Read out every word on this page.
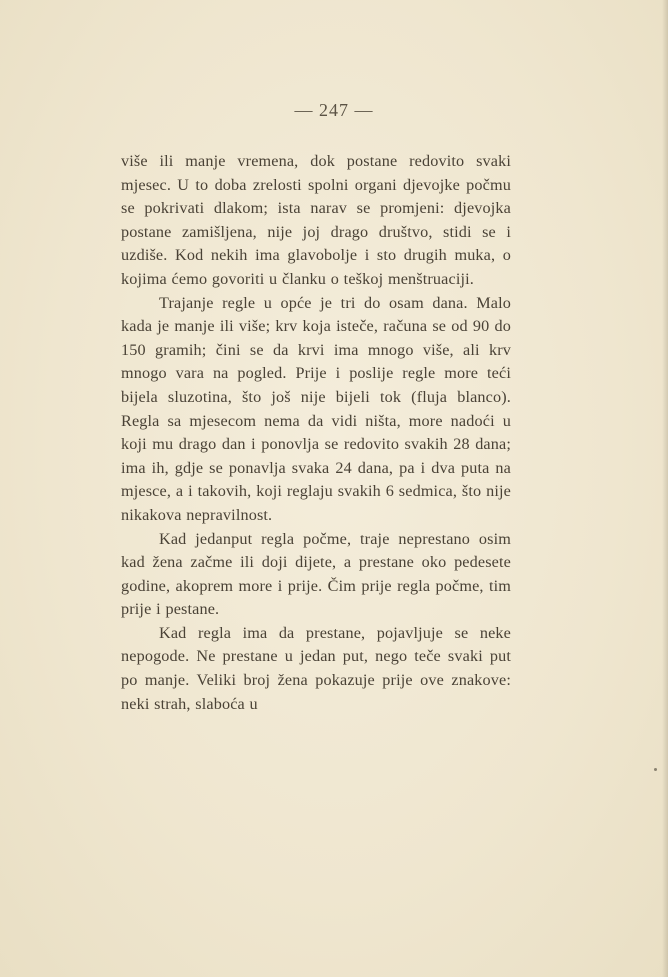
— 247 —

više ili manje vremena, dok postane redovito svaki mjesec. U to doba zrelosti spolni organi djevojke počmu se pokrivati dlakom; ista narav se promjeni: djevojka postane zamišljena, nije joj drago društvo, stidi se i uzdiše. Kod nekih ima glavobolje i sto drugih muka, o kojima ćemo govoriti u članku o teškoj menštruaciji.

Trajanje regle u opće je tri do osam dana. Malo kada je manje ili više; krv koja isteče, računa se od 90 do 150 gramih; čini se da krvi ima mnogo više, ali krv mnogo vara na pogled. Prije i poslije regle more teći bijela sluzotina, što još nije bijeli tok (fluja blanco). Regla sa mjesecom nema da vidi ništa, more nadoći u koji mu drago dan i ponovlja se redovito svakih 28 dana; ima ih, gdje se ponavlja svaka 24 dana, pa i dva puta na mjesce, a i takovih, koji reglaju svakih 6 sedmica, što nije nikakova nepravilnost.

Kad jedanput regla počme, traje neprestano osim kad žena začme ili doji dijete, a prestane oko pedesete godine, akoprem more i prije. Čim prije regla počme, tim prije i pestane.

Kad regla ima da prestane, pojavljuje se neke nepogode. Ne prestane u jedan put, nego teče svaki put po manje. Veliki broj žena pokazuje prije ove znakove: neki strah, slaboća u
